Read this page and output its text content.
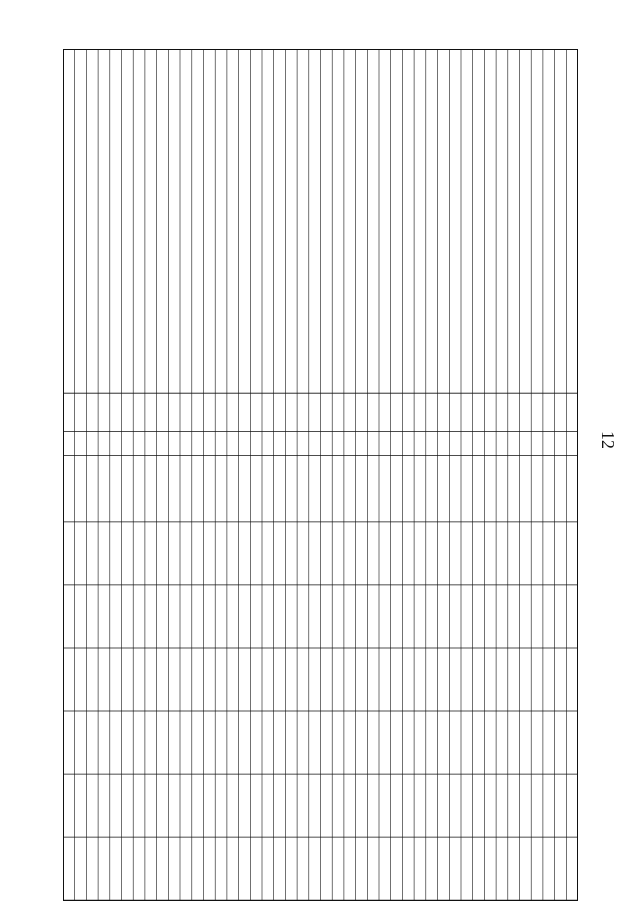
12
